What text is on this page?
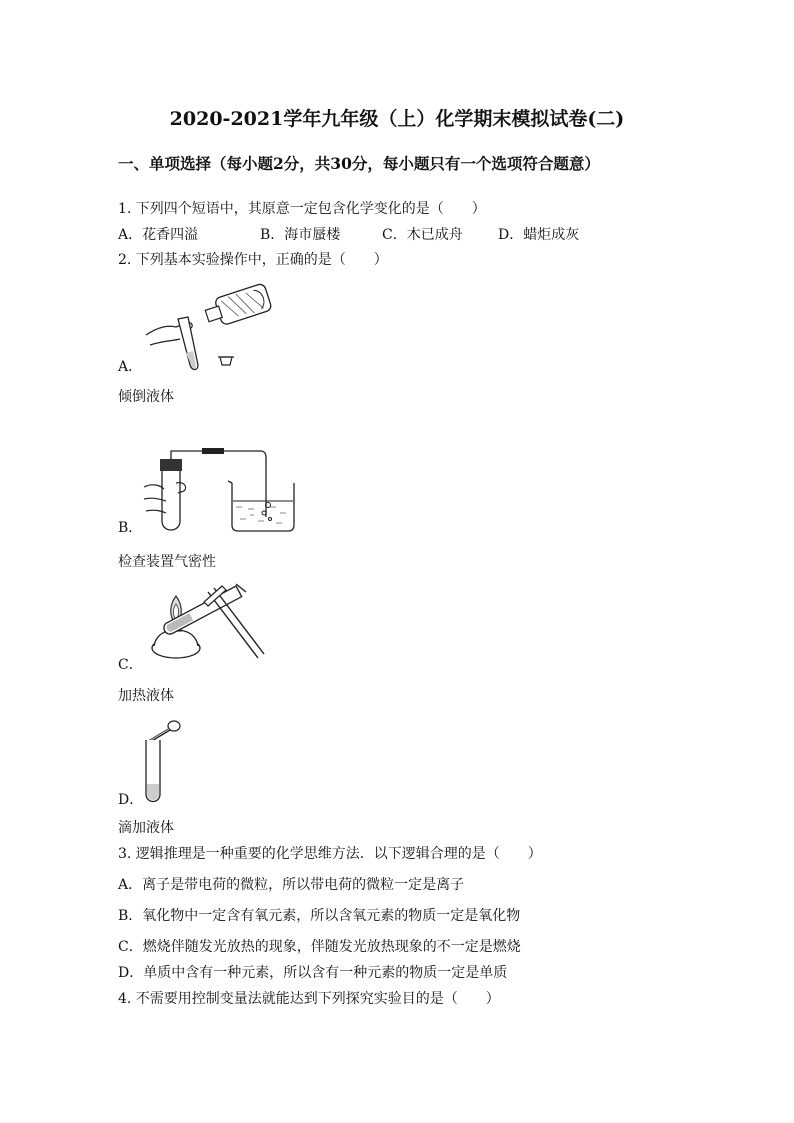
2020-2021学年九年级（上）化学期末模拟试卷(二)
一、单项选择（每小题2分，共30分，每小题只有一个选项符合题意）
1. 下列四个短语中，其原意一定包含化学变化的是（　　）
A．花香四溢	B．海市蜃楼	C．木已成舟	D．蜡炬成灰
2. 下列基本实验操作中，正确的是（　　）
A．
倾倒液体
B．
检查装置气密性
C．
加热液体
D．
滴加液体
3. 逻辑推理是一种重要的化学思维方法．以下逻辑合理的是（　　）
A．离子是带电荷的微粒，所以带电荷的微粒一定是离子
B．氧化物中一定含有氧元素，所以含氧元素的物质一定是氧化物
C．燃烧伴随发光放热的现象，伴随发光放热现象的不一定是燃烧
D．单质中含有一种元素，所以含有一种元素的物质一定是单质
4. 不需要用控制变量法就能达到下列探究实验目的是（　　）
